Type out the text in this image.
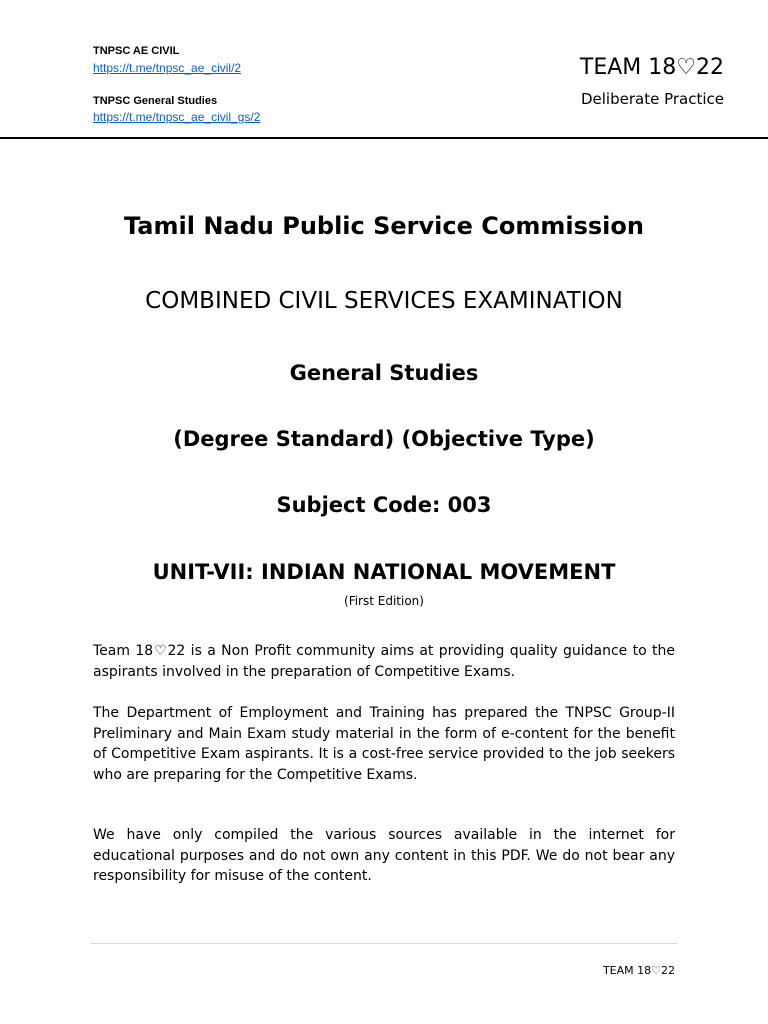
TNPSC AE CIVIL
https://t.me/tnpsc_ae_civil/2
TNPSC General Studies
https://t.me/tnpsc_ae_civil_gs/2
TEAM 18♡22
Deliberate Practice
Tamil Nadu Public Service Commission
COMBINED CIVIL SERVICES EXAMINATION
General Studies
(Degree Standard) (Objective Type)
Subject Code: 003
UNIT-VII: INDIAN NATIONAL MOVEMENT
(First Edition)

Team 18♡22 is a Non Profit community aims at providing quality guidance to the aspirants involved in the preparation of Competitive Exams.

The Department of Employment and Training has prepared the TNPSC Group-II Preliminary and Main Exam study material in the form of e-content for the benefit of Competitive Exam aspirants. It is a cost-free service provided to the job seekers who are preparing for the Competitive Exams.

We have only compiled the various sources available in the internet for educational purposes and do not own any content in this PDF. We do not bear any responsibility for misuse of the content.

TEAM 18♡22
